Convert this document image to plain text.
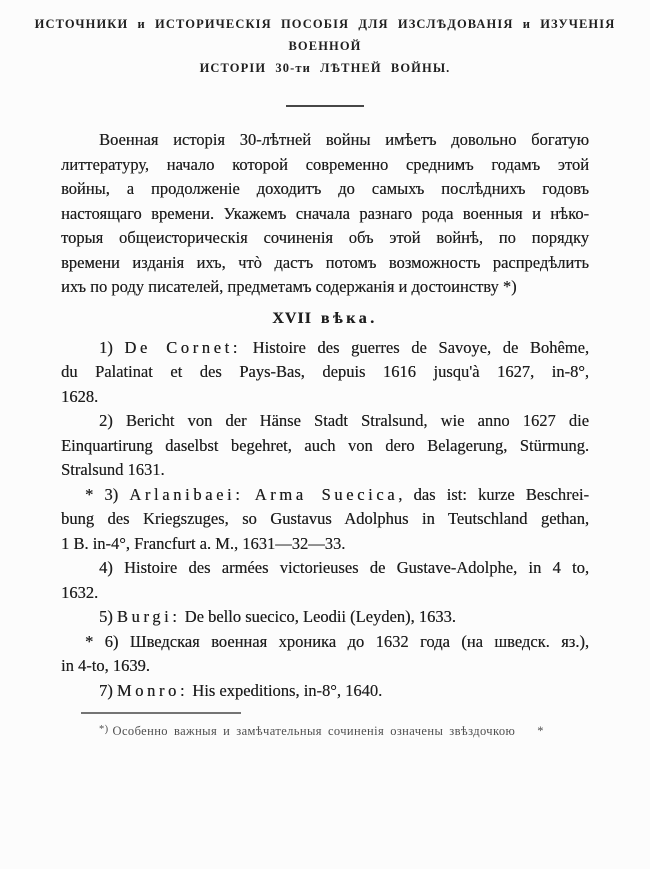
ИСТОЧНИКИ и ИСТОРИЧЕСКІЯ ПОСОБІЯ ДЛЯ ИЗСЛѢДОВАНІЯ и ИЗУЧЕНІЯ ВОЕННОЙ
ИСТОРІИ 30-ти ЛѢТНЕЙ ВОЙНЫ.
Военная исторія 30-лѣтней войны имѣетъ довольно богатую
литтературу, начало которой современно среднимъ годамъ этой
войны, а продолженіе доходитъ до самыхъ послѣднихъ годовъ
настоящаго времени. Укажемъ сначала разнаго рода военныя и нѣко-
торыя общеисторическія сочиненія объ этой войнѣ, по порядку
времени изданія ихъ, чтò дастъ потомъ возможность распредѣлить
ихъ по роду писателей, предметамъ содержанія и достоинству *)
XVII вѣка.
1) De Cornet: Histoire des guerres de Savoye, de Bohême,
du Palatinat et des Pays-Bas, depuis 1616 jusqu'à 1627, in-8°,
1628.
2) Bericht von der Hänse Stadt Stralsund, wie anno 1627 die
Einquartirung daselbst begehret, auch von dero Belagerung, Stürmung.
Stralsund 1631.
* 3) Arlanibaei: Arma Suecica, das ist: kurze Beschrei-
bung des Kriegszuges, so Gustavus Adolphus in Teutschland gethan,
1 B. in-4°, Francfurt a. M., 1631—32—33.
4) Histoire des armées victorieuses de Gustave-Adolphe, in 4 to,
1632.
5) Burgi: De bello suecico, Leodii (Leyden), 1633.
* 6) Шведская военная хроника до 1632 года (на шведск. яз.),
in 4-to, 1639.
7) Monro: His expeditions, in-8°, 1640.
*) Особенно важныя и замѣчательныя сочиненія означены звѣздочкою *
